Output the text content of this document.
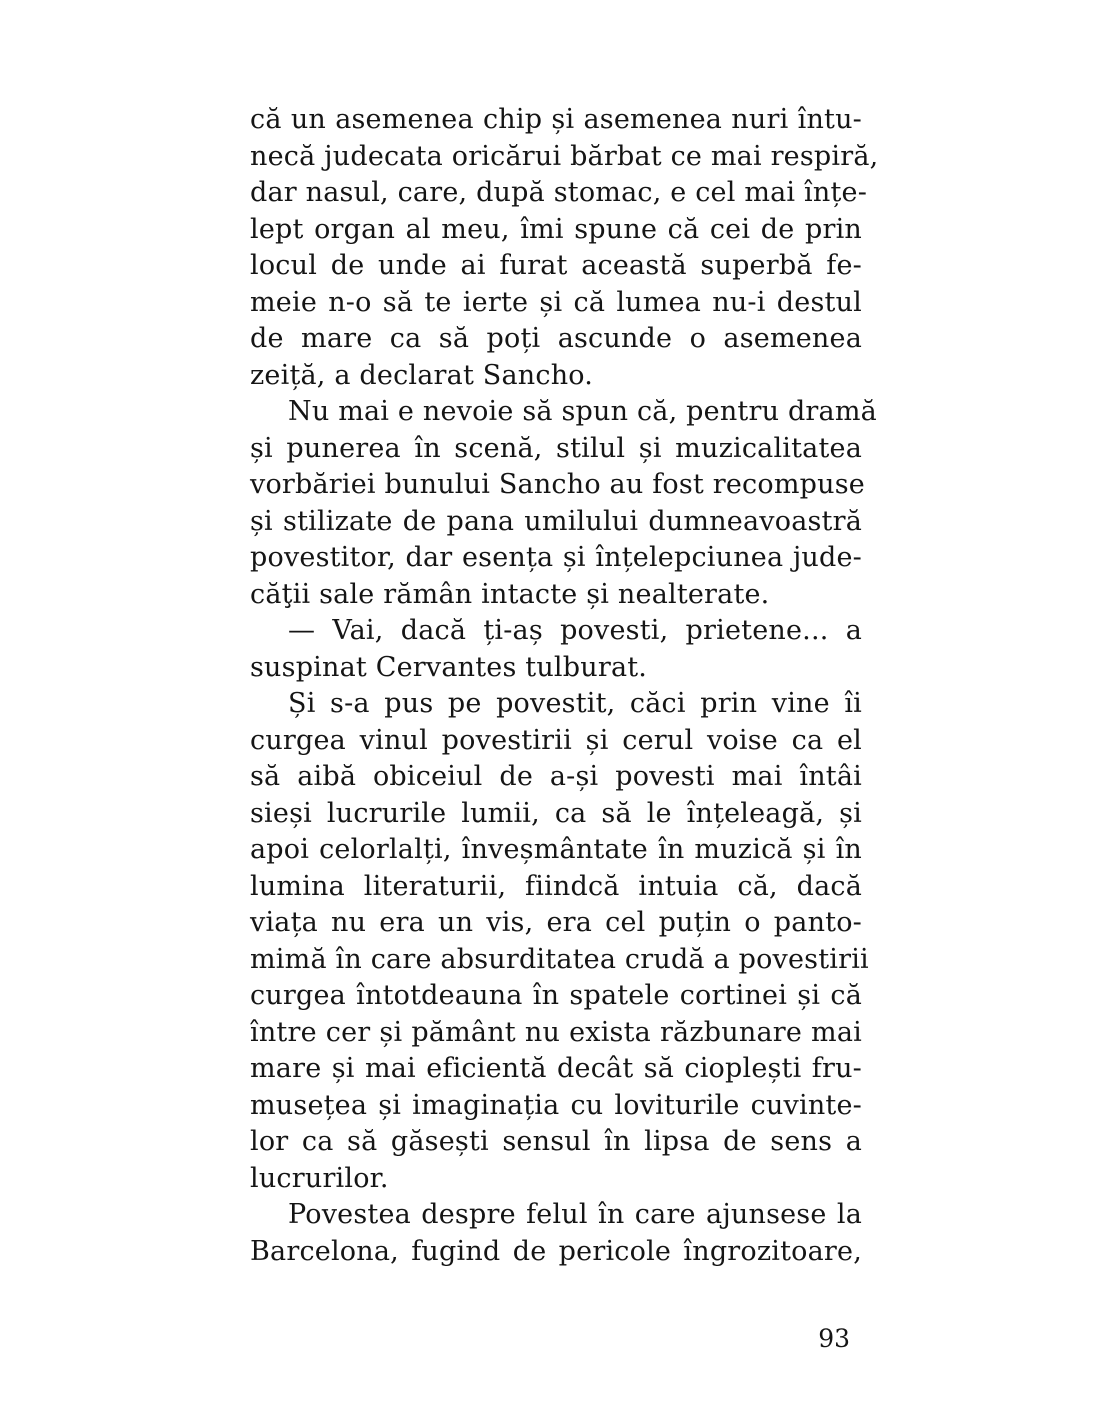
că un asemenea chip și asemenea nuri întu-
necă judecata oricărui bărbat ce mai respiră,
dar nasul, care, după stomac, e cel mai înțe-
lept organ al meu, îmi spune că cei de prin
locul de unde ai furat această superbă fe-
meie n-o să te ierte și că lumea nu-i destul
de mare ca să poți ascunde o asemenea
zeiță, a declarat Sancho.

Nu mai e nevoie să spun că, pentru dramă
și punerea în scenă, stilul și muzicalitatea
vorbăriei bunului Sancho au fost recompuse
și stilizate de pana umilului dumneavoastră
povestitor, dar esența și înțelepciunea jude-
căţii sale rămân intacte și nealterate.

— Vai, dacă ți-aș povesti, prietene... a
suspinat Cervantes tulburat.

Și s-a pus pe povestit, căci prin vine îi
curgea vinul povestirii și cerul voise ca el
să aibă obiceiul de a-și povesti mai întâi
sieși lucrurile lumii, ca să le înțeleagă, și
apoi celorlalți, înveșmântate în muzică și în
lumina literaturii, fiindcă intuia că, dacă
viața nu era un vis, era cel puțin o panto-
mimă în care absurditatea crudă a povestirii
curgea întotdeauna în spatele cortinei și că
între cer și pământ nu exista răzbunare mai
mare și mai eficientă decât să cioplești fru-
musețea și imaginația cu loviturile cuvinte-
lor ca să găsești sensul în lipsa de sens a
lucrurilor.

Povestea despre felul în care ajunsese la
Barcelona, fugind de pericole îngrozitoare,

93
